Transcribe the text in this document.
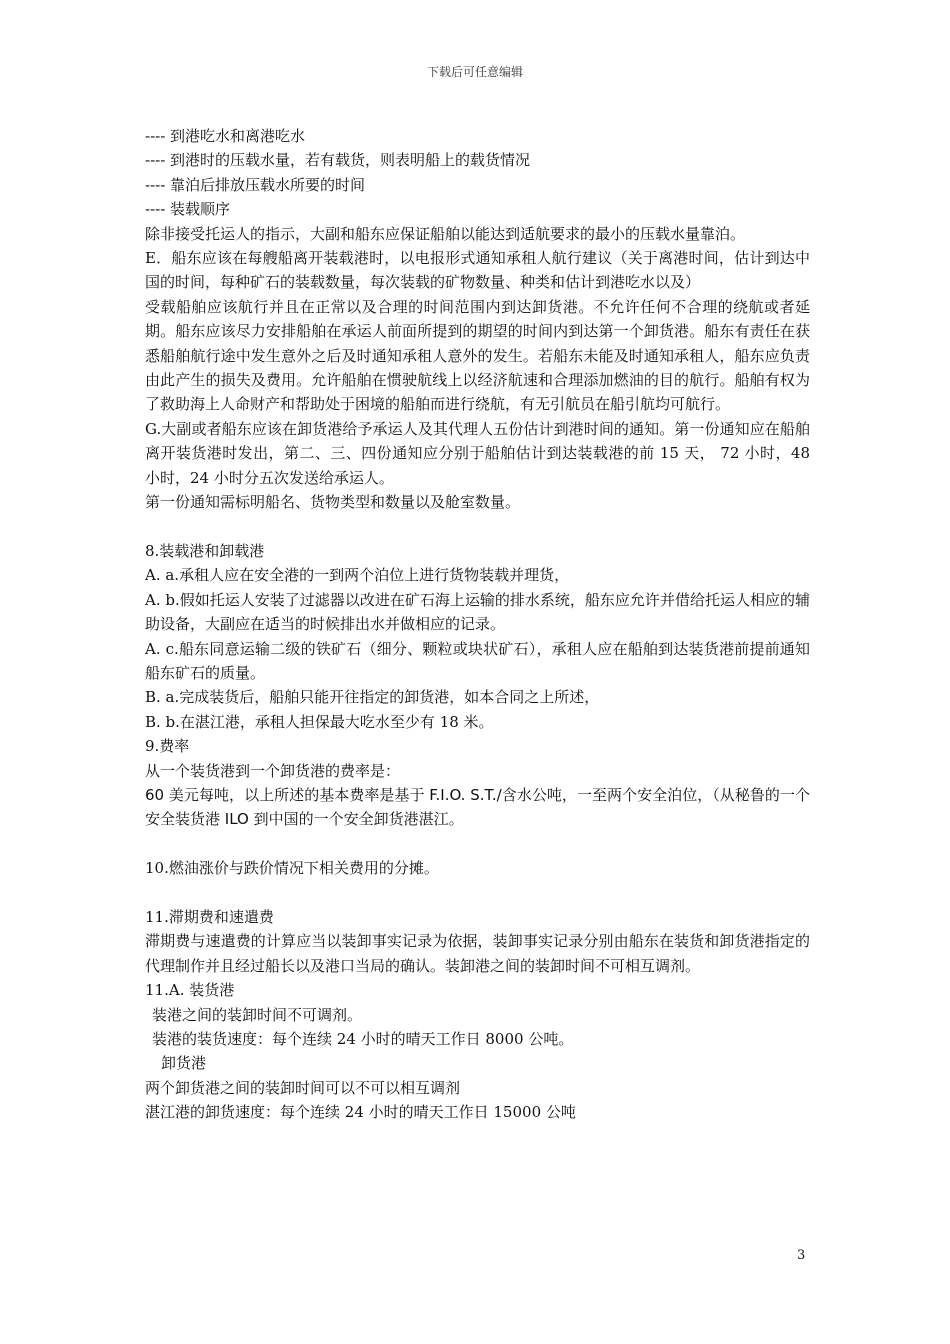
下载后可任意编辑

---- 到港吃水和离港吃水

---- 到港时的压载水量，若有载货，则表明船上的载货情况

---- 靠泊后排放压载水所要的时间

---- 装载顺序

除非接受托运人的指示，大副和船东应保证船舶以能达到适航要求的最小的压载水量靠泊。

E．船东应该在每艘船离开装载港时，以电报形式通知承租人航行建议（关于离港时间，估计到达中国的时间，每种矿石的装载数量，每次装载的矿物数量、种类和估计到港吃水以及）

受载船舶应该航行并且在正常以及合理的时间范围内到达卸货港。不允许任何不合理的绕航或者延期。船东应该尽力安排船舶在承运人前面所提到的期望的时间内到达第一个卸货港。船东有责任在获悉船舶航行途中发生意外之后及时通知承租人意外的发生。若船东未能及时通知承租人，船东应负责由此产生的损失及费用。允许船舶在惯驶航线上以经济航速和合理添加燃油的目的航行。船舶有权为了救助海上人命财产和帮助处于困境的船舶而进行绕航，有无引航员在船引航均可航行。

G.大副或者船东应该在卸货港给予承运人及其代理人五份估计到港时间的通知。第一份通知应在船舶离开装货港时发出，第二、三、四份通知应分别于船舶估计到达装载港的前 15 天， 72 小时，48 小时，24 小时分五次发送给承运人。

第一份通知需标明船名、货物类型和数量以及舱室数量。

8.装载港和卸载港

A. a.承租人应在安全港的一到两个泊位上进行货物装载并理货，

A. b.假如托运人安装了过滤器以改进在矿石海上运输的排水系统，船东应允许并借给托运人相应的辅助设备，大副应在适当的时候排出水并做相应的记录。

A. c.船东同意运输二级的铁矿石（细分、颗粒或块状矿石），承租人应在船舶到达装货港前提前通知船东矿石的质量。

B. a.完成装货后，船舶只能开往指定的卸货港，如本合同之上所述，

B. b.在湛江港，承租人担保最大吃水至少有 18 米。

9.费率

从一个装货港到一个卸货港的费率是：

60 美元每吨，以上所述的基本费率是基于 F.I.O. S.T./含水公吨，一至两个安全泊位，（从秘鲁的一个安全装货港 ILO 到中国的一个安全卸货港湛江。

10.燃油涨价与跌价情况下相关费用的分摊。

11.滞期费和速遣费

滞期费与速遣费的计算应当以装卸事实记录为依据，装卸事实记录分别由船东在装货和卸货港指定的代理制作并且经过船长以及港口当局的确认。装卸港之间的装卸时间不可相互调剂。

11.A. 装货港

装港之间的装卸时间不可调剂。

装港的装货速度：每个连续 24 小时的晴天工作日 8000 公吨。

卸货港

两个卸货港之间的装卸时间可以不可以相互调剂

湛江港的卸货速度：每个连续 24 小时的晴天工作日 15000 公吨

3
